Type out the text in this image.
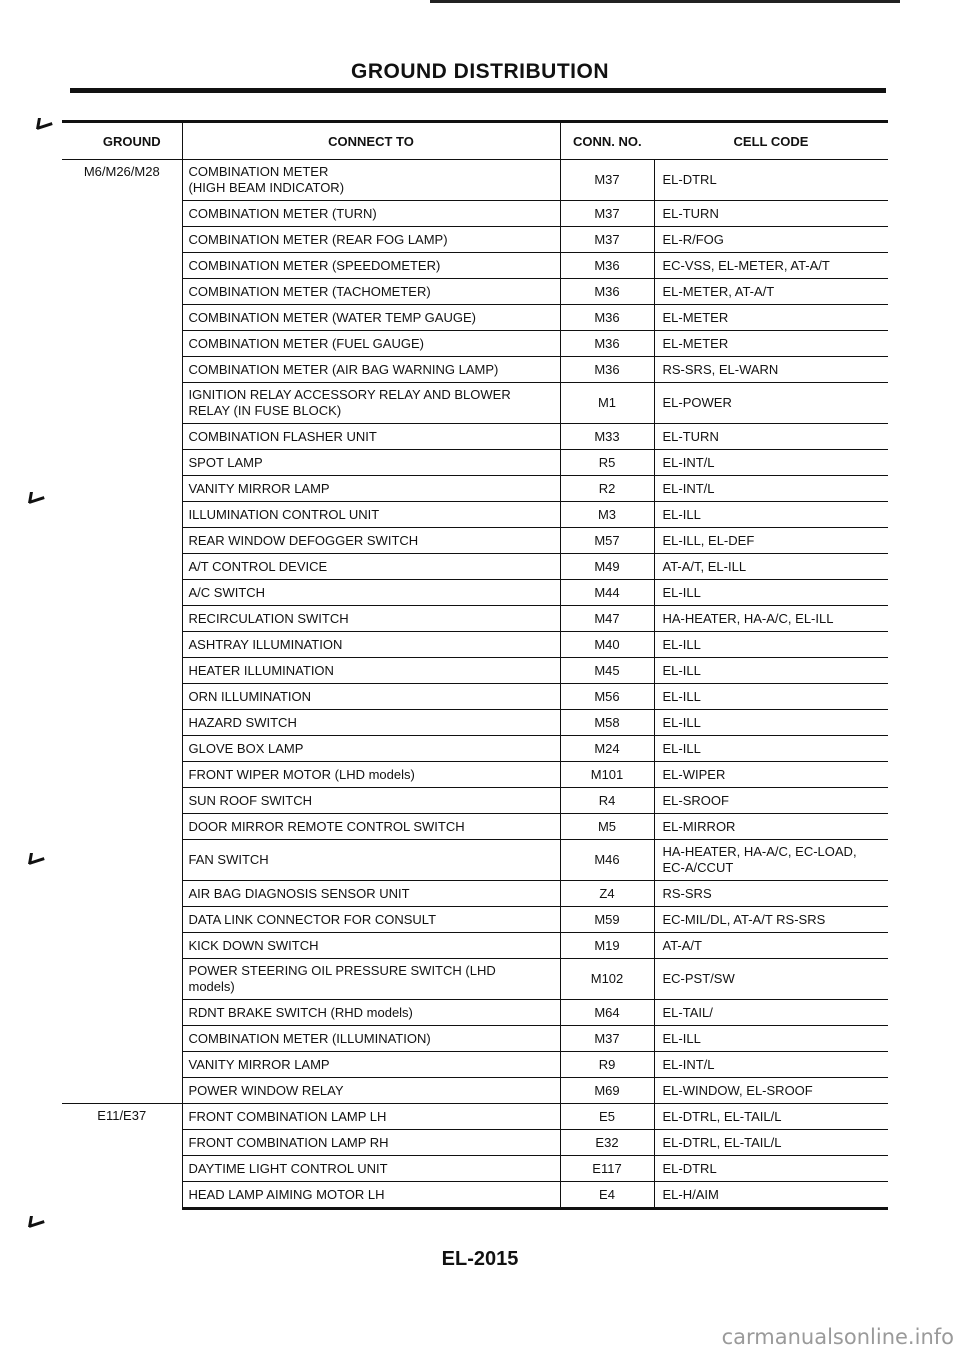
GROUND DISTRIBUTION
GROUND	CONNECT TO	CONN. NO.	CELL CODE
M6/M26/M28	COMBINATION METER
(HIGH BEAM INDICATOR)	M37	EL-DTRL
	COMBINATION METER (TURN)	M37	EL-TURN
	COMBINATION METER (REAR FOG LAMP)	M37	EL-R/FOG
	COMBINATION METER (SPEEDOMETER)	M36	EC-VSS, EL-METER, AT-A/T
	COMBINATION METER (TACHOMETER)	M36	EL-METER, AT-A/T
	COMBINATION METER (WATER TEMP GAUGE)	M36	EL-METER
	COMBINATION METER (FUEL GAUGE)	M36	EL-METER
	COMBINATION METER (AIR BAG WARNING LAMP)	M36	RS-SRS, EL-WARN
	IGNITION RELAY ACCESSORY RELAY AND BLOWER
RELAY (IN FUSE BLOCK)	M1	EL-POWER
	COMBINATION FLASHER UNIT	M33	EL-TURN
	SPOT LAMP	R5	EL-INT/L
	VANITY MIRROR LAMP	R2	EL-INT/L
	ILLUMINATION CONTROL UNIT	M3	EL-ILL
	REAR WINDOW DEFOGGER SWITCH	M57	EL-ILL, EL-DEF
	A/T CONTROL DEVICE	M49	AT-A/T, EL-ILL
	A/C SWITCH	M44	EL-ILL
	RECIRCULATION SWITCH	M47	HA-HEATER, HA-A/C, EL-ILL
	ASHTRAY ILLUMINATION	M40	EL-ILL
	HEATER ILLUMINATION	M45	EL-ILL
	ORN ILLUMINATION	M56	EL-ILL
	HAZARD SWITCH	M58	EL-ILL
	GLOVE BOX LAMP	M24	EL-ILL
	FRONT WIPER MOTOR (LHD models)	M101	EL-WIPER
	SUN ROOF SWITCH	R4	EL-SROOF
	DOOR MIRROR REMOTE CONTROL SWITCH	M5	EL-MIRROR
	FAN SWITCH	M46	HA-HEATER, HA-A/C, EC-LOAD,
EC-A/CCUT
	AIR BAG DIAGNOSIS SENSOR UNIT	Z4	RS-SRS
	DATA LINK CONNECTOR FOR CONSULT	M59	EC-MIL/DL, AT-A/T RS-SRS
	KICK DOWN SWITCH	M19	AT-A/T
	POWER STEERING OIL PRESSURE SWITCH (LHD
models)	M102	EC-PST/SW
	RDNT BRAKE SWITCH (RHD models)	M64	EL-TAIL/
	COMBINATION METER (ILLUMINATION)	M37	EL-ILL
	VANITY MIRROR LAMP	R9	EL-INT/L
	POWER WINDOW RELAY	M69	EL-WINDOW, EL-SROOF
E11/E37	FRONT COMBINATION LAMP LH	E5	EL-DTRL, EL-TAIL/L
	FRONT COMBINATION LAMP RH	E32	EL-DTRL, EL-TAIL/L
	DAYTIME LIGHT CONTROL UNIT	E117	EL-DTRL
	HEAD LAMP AIMING MOTOR LH	E4	EL-H/AIM
EL-2015
carmanualsonline.info
